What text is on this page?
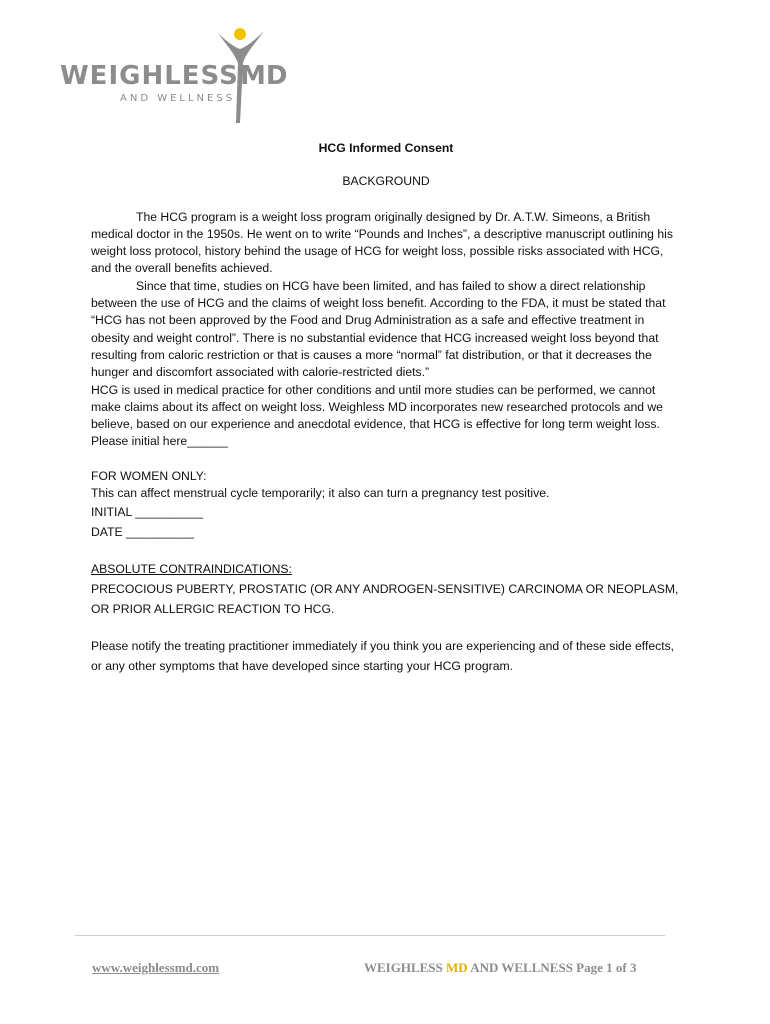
WEIGHLESS MD
AND WELLNESS

HCG Informed Consent

BACKGROUND

The HCG program is a weight loss program originally designed by Dr. A.T.W. Simeons, a British medical doctor in the 1950s. He went on to write “Pounds and Inches”, a descriptive manuscript outlining his weight loss protocol, history behind the usage of HCG for weight loss, possible risks associated with HCG, and the overall benefits achieved.

Since that time, studies on HCG have been limited, and has failed to show a direct relationship between the use of HCG and the claims of weight loss benefit. According to the FDA, it must be stated that “HCG has not been approved by the Food and Drug Administration as a safe and effective treatment in obesity and weight control”. There is no substantial evidence that HCG increased weight loss beyond that resulting from caloric restriction or that is causes a more “normal” fat distribution, or that it decreases the hunger and discomfort associated with calorie-restricted diets.”

HCG is used in medical practice for other conditions and until more studies can be performed, we cannot make claims about its affect on weight loss. Weighless MD incorporates new researched protocols and we believe, based on our experience and anecdotal evidence, that HCG is effective for long term weight loss.

Please initial here______

FOR WOMEN ONLY:

This can affect menstrual cycle temporarily; it also can turn a pregnancy test positive.

INITIAL __________

DATE __________

ABSOLUTE CONTRAINDICATIONS:

PRECOCIOUS PUBERTY, PROSTATIC (OR ANY ANDROGEN-SENSITIVE) CARCINOMA OR NEOPLASM, OR PRIOR ALLERGIC REACTION TO HCG.

Please notify the treating practitioner immediately if you think you are experiencing and of these side effects, or any other symptoms that have developed since starting your HCG program.

www.weighlessmd.com	WEIGHLESS MD AND WELLNESS Page 1 of 3
